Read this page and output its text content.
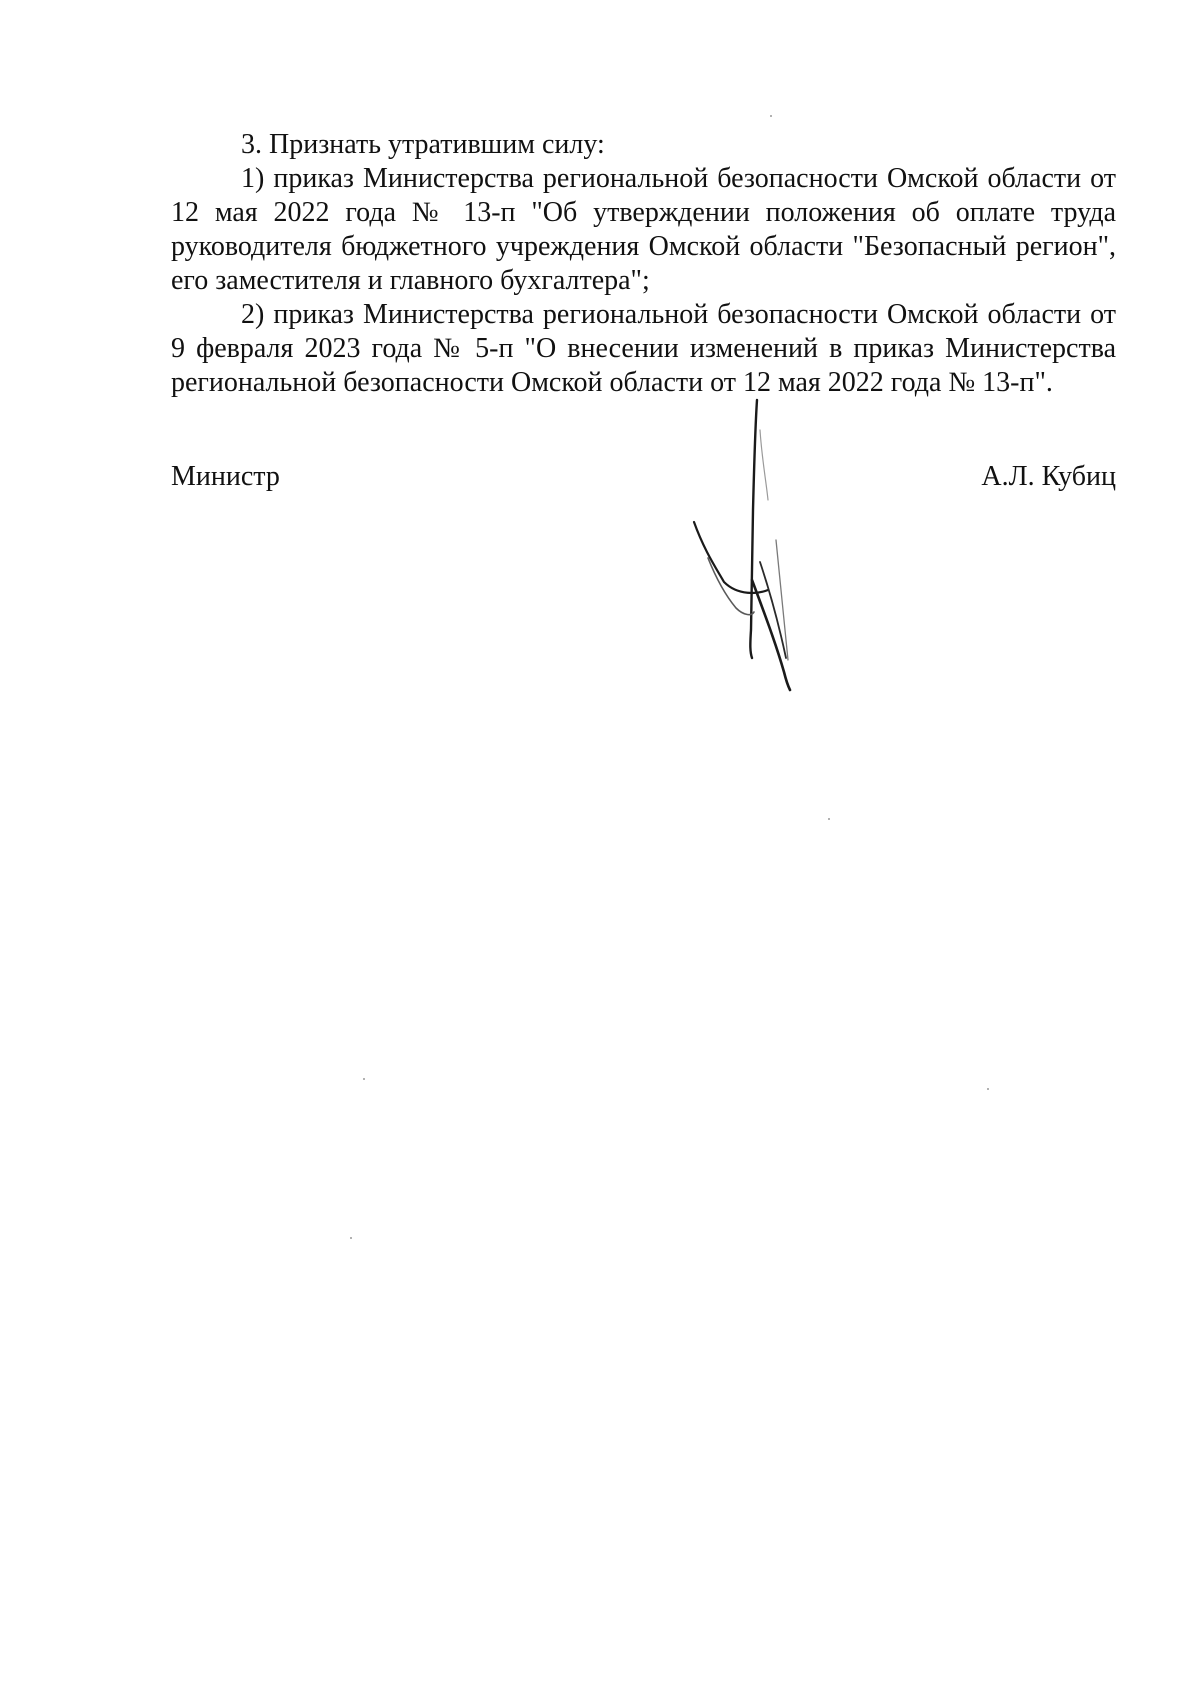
3. Признать утратившим силу:

1) приказ Министерства региональной безопасности Омской области от 12 мая 2022 года № 13-п "Об утверждении положения об оплате труда руководителя бюджетного учреждения Омской области "Безопасный регион", его заместителя и главного бухгалтера";

2) приказ Министерства региональной безопасности Омской области от 9 февраля 2023 года № 5-п "О внесении изменений в приказ Министерства региональной безопасности Омской области от 12 мая 2022 года № 13-п".

Министр	А.Л. Кубиц
